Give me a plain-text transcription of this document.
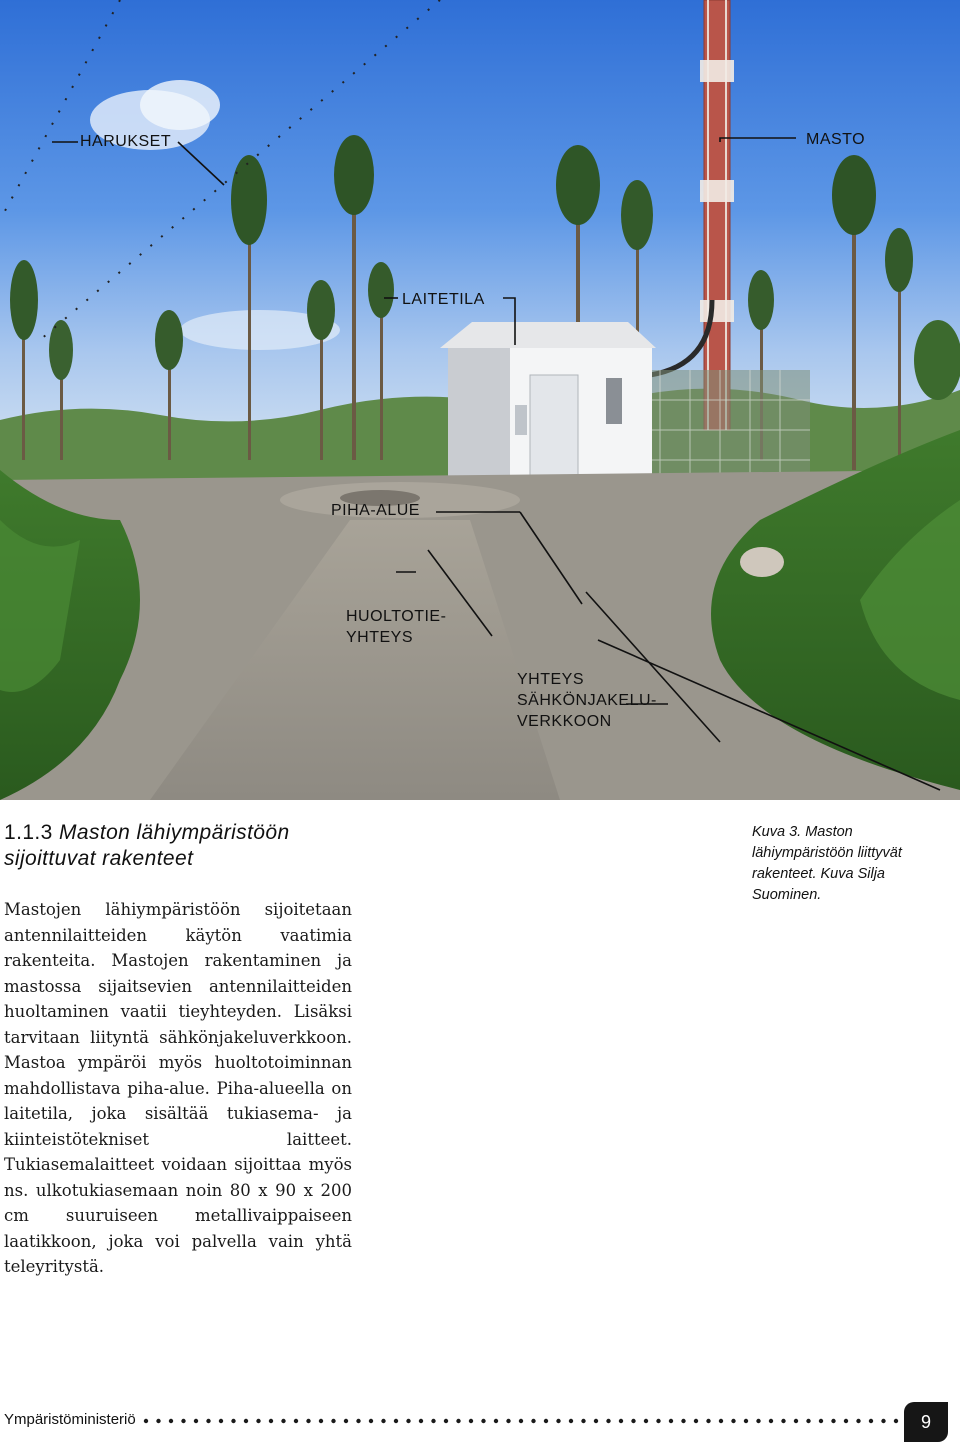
HARUKSET	MASTO
LAITETILA
PIHA-ALUE
HUOLTOTIE-
YHTEYS
YHTEYS
SÄHKÖNJAKELU-
VERKKOON
1.1.3 Maston lähiympäristöön
sijoittuvat rakenteet
Mastojen lähiympäristöön sijoitetaan antennilaitteiden käytön vaatimia rakenteita. Mastojen rakentaminen ja mastossa sijaitsevien antennilaitteiden huoltaminen vaatii tieyhteyden. Lisäksi tarvitaan liityntä sähkönjakeluverkkoon. Mastoa ympäröi myös huoltotoiminnan mahdollistava piha-alue. Piha-alueella on laitetila, joka sisältää tukiasema- ja kiinteistötekniset laitteet. Tukiasemalaitteet voidaan sijoittaa myös ns. ulkotukiasemaan noin 80 x 90 x 200 cm suuruiseen metallivaippaiseen laatikkoon, joka voi palvella vain yhtä teleyritystä.
Kuva 3. Maston lähiympäristöön liittyvät rakenteet. Kuva Silja Suominen.
Ympäristöministeriö	9
